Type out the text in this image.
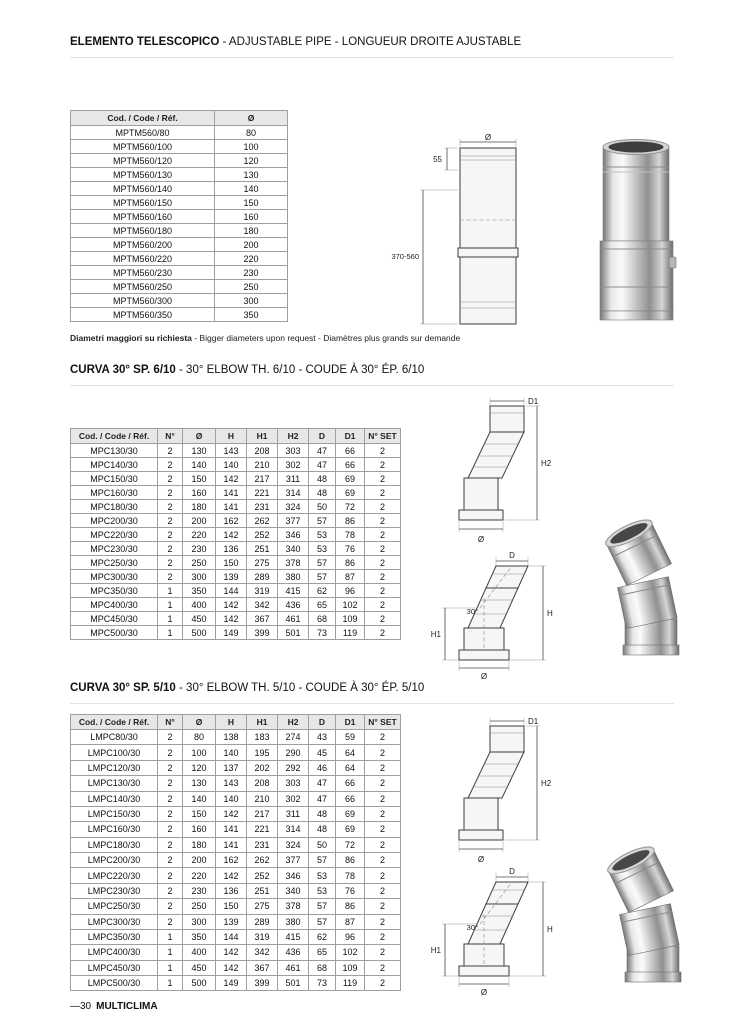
ELEMENTO TELESCOPICO - ADJUSTABLE PIPE - LONGUEUR DROITE AJUSTABLE
Cod. / Code / Réf.	Ø
MPTM560/80	80
MPTM560/100	100
MPTM560/120	120
MPTM560/130	130
MPTM560/140	140
MPTM560/150	150
MPTM560/160	160
MPTM560/180	180
MPTM560/200	200
MPTM560/220	220
MPTM560/230	230
MPTM560/250	250
MPTM560/300	300
MPTM560/350	350
Diametri maggiori su richiesta - Bigger diameters upon request - Diamètres plus grands sur demande
Ø
55
370-560
CURVA 30° SP. 6/10 - 30° ELBOW TH. 6/10 - COUDE À 30° ÉP. 6/10
Cod. / Code / Réf.	N°	Ø	H	H1	H2	D	D1	N° SET
MPC130/30	2	130	143	208	303	47	66	2
MPC140/30	2	140	140	210	302	47	66	2
MPC150/30	2	150	142	217	311	48	69	2
MPC160/30	2	160	141	221	314	48	69	2
MPC180/30	2	180	141	231	324	50	72	2
MPC200/30	2	200	162	262	377	57	86	2
MPC220/30	2	220	142	252	346	53	78	2
MPC230/30	2	230	136	251	340	53	76	2
MPC250/30	2	250	150	275	378	57	86	2
MPC300/30	2	300	139	289	380	57	87	2
MPC350/30	1	350	144	319	415	62	96	2
MPC400/30	1	400	142	342	436	65	102	2
MPC450/30	1	450	142	367	461	68	109	2
MPC500/30	1	500	149	399	501	73	119	2
D1
H2
Ø
D
30°
H1
H
Ø
CURVA 30° SP. 5/10 - 30° ELBOW TH. 5/10 - COUDE À 30° ÉP. 5/10
Cod. / Code / Réf.	N°	Ø	H	H1	H2	D	D1	N° SET
LMPC80/30	2	80	138	183	274	43	59	2
LMPC100/30	2	100	140	195	290	45	64	2
LMPC120/30	2	120	137	202	292	46	64	2
LMPC130/30	2	130	143	208	303	47	66	2
LMPC140/30	2	140	140	210	302	47	66	2
LMPC150/30	2	150	142	217	311	48	69	2
LMPC160/30	2	160	141	221	314	48	69	2
LMPC180/30	2	180	141	231	324	50	72	2
LMPC200/30	2	200	162	262	377	57	86	2
LMPC220/30	2	220	142	252	346	53	78	2
LMPC230/30	2	230	136	251	340	53	76	2
LMPC250/30	2	250	150	275	378	57	86	2
LMPC300/30	2	300	139	289	380	57	87	2
LMPC350/30	1	350	144	319	415	62	96	2
LMPC400/30	1	400	142	342	436	65	102	2
LMPC450/30	1	450	142	367	461	68	109	2
LMPC500/30	1	500	149	399	501	73	119	2
D1
H2
Ø
D
30°
H1
H
Ø
—30 MULTICLIMA
